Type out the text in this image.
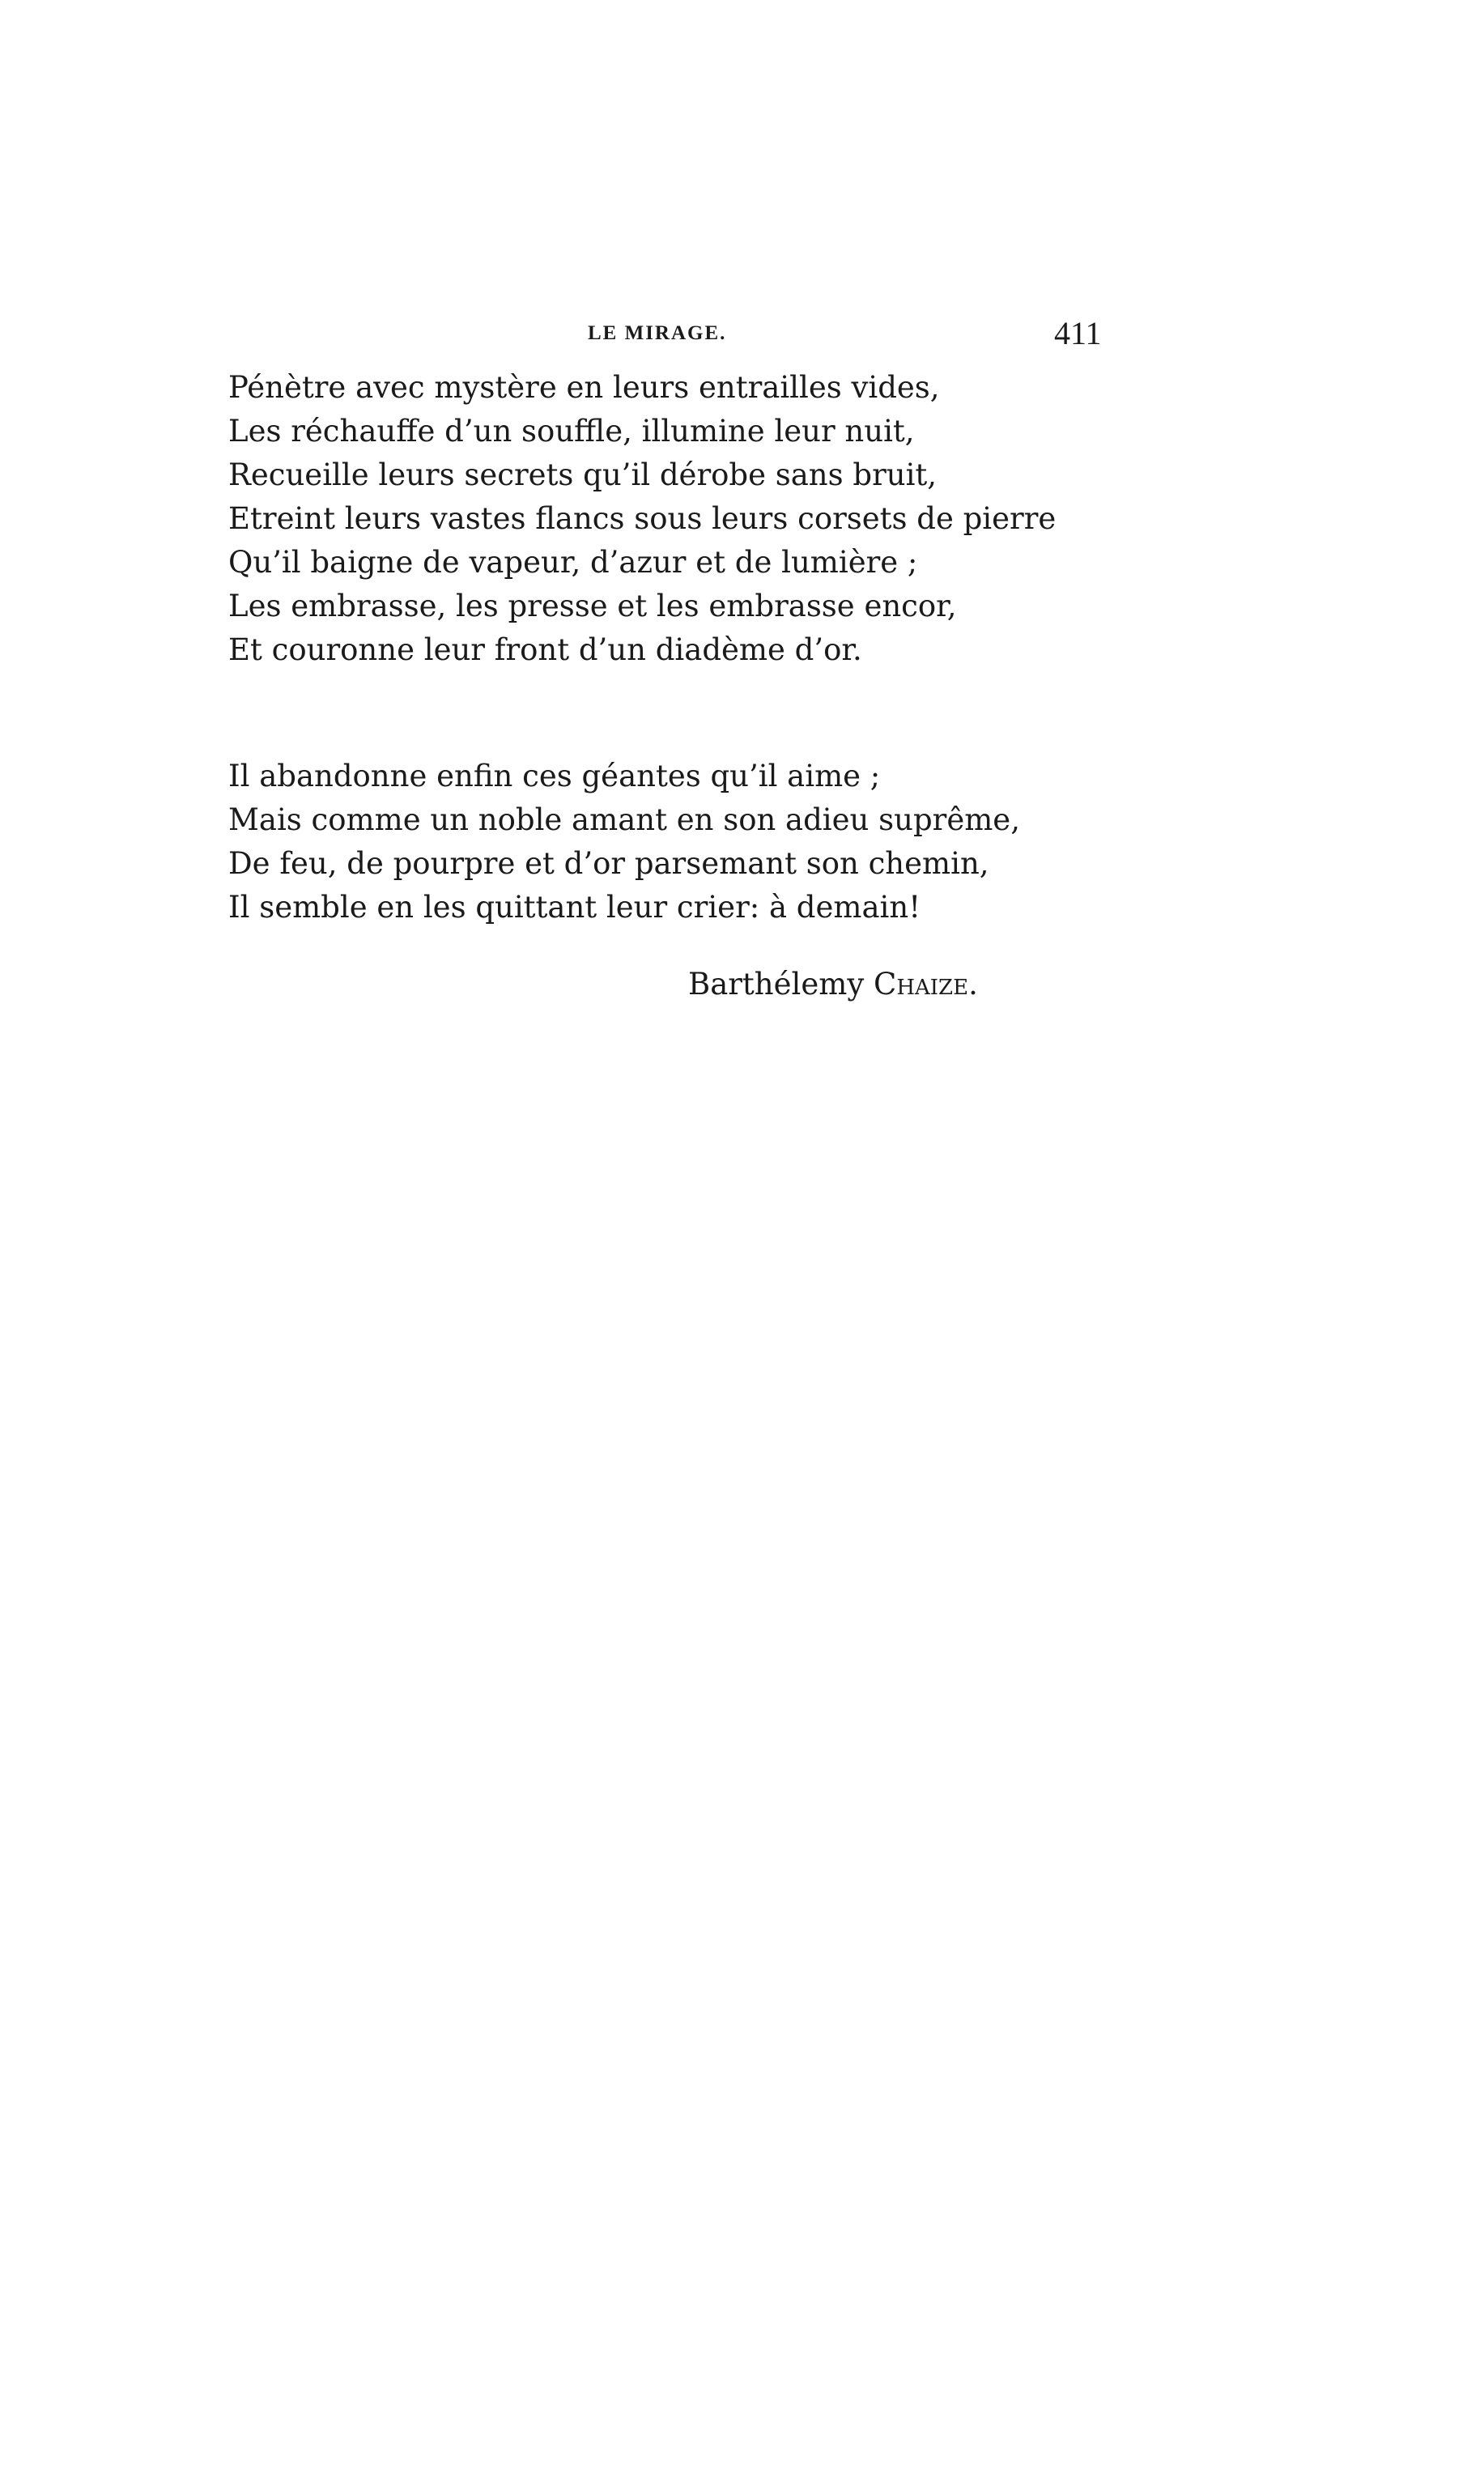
LE MIRAGE.	411
Pénètre avec mystère en leurs entrailles vides,
Les réchauffe d’un souffle, illumine leur nuit,
Recueille leurs secrets qu’il dérobe sans bruit,
Etreint leurs vastes flancs sous leurs corsets de pierre
Qu’il baigne de vapeur, d’azur et de lumière ;
Les embrasse, les presse et les embrasse encor,
Et couronne leur front d’un diadème d’or.
Il abandonne enfin ces géantes qu’il aime ;
Mais comme un noble amant en son adieu suprême,
De feu, de pourpre et d’or parsemant son chemin,
Il semble en les quittant leur crier: à demain!
Barthélemy Chaize.
